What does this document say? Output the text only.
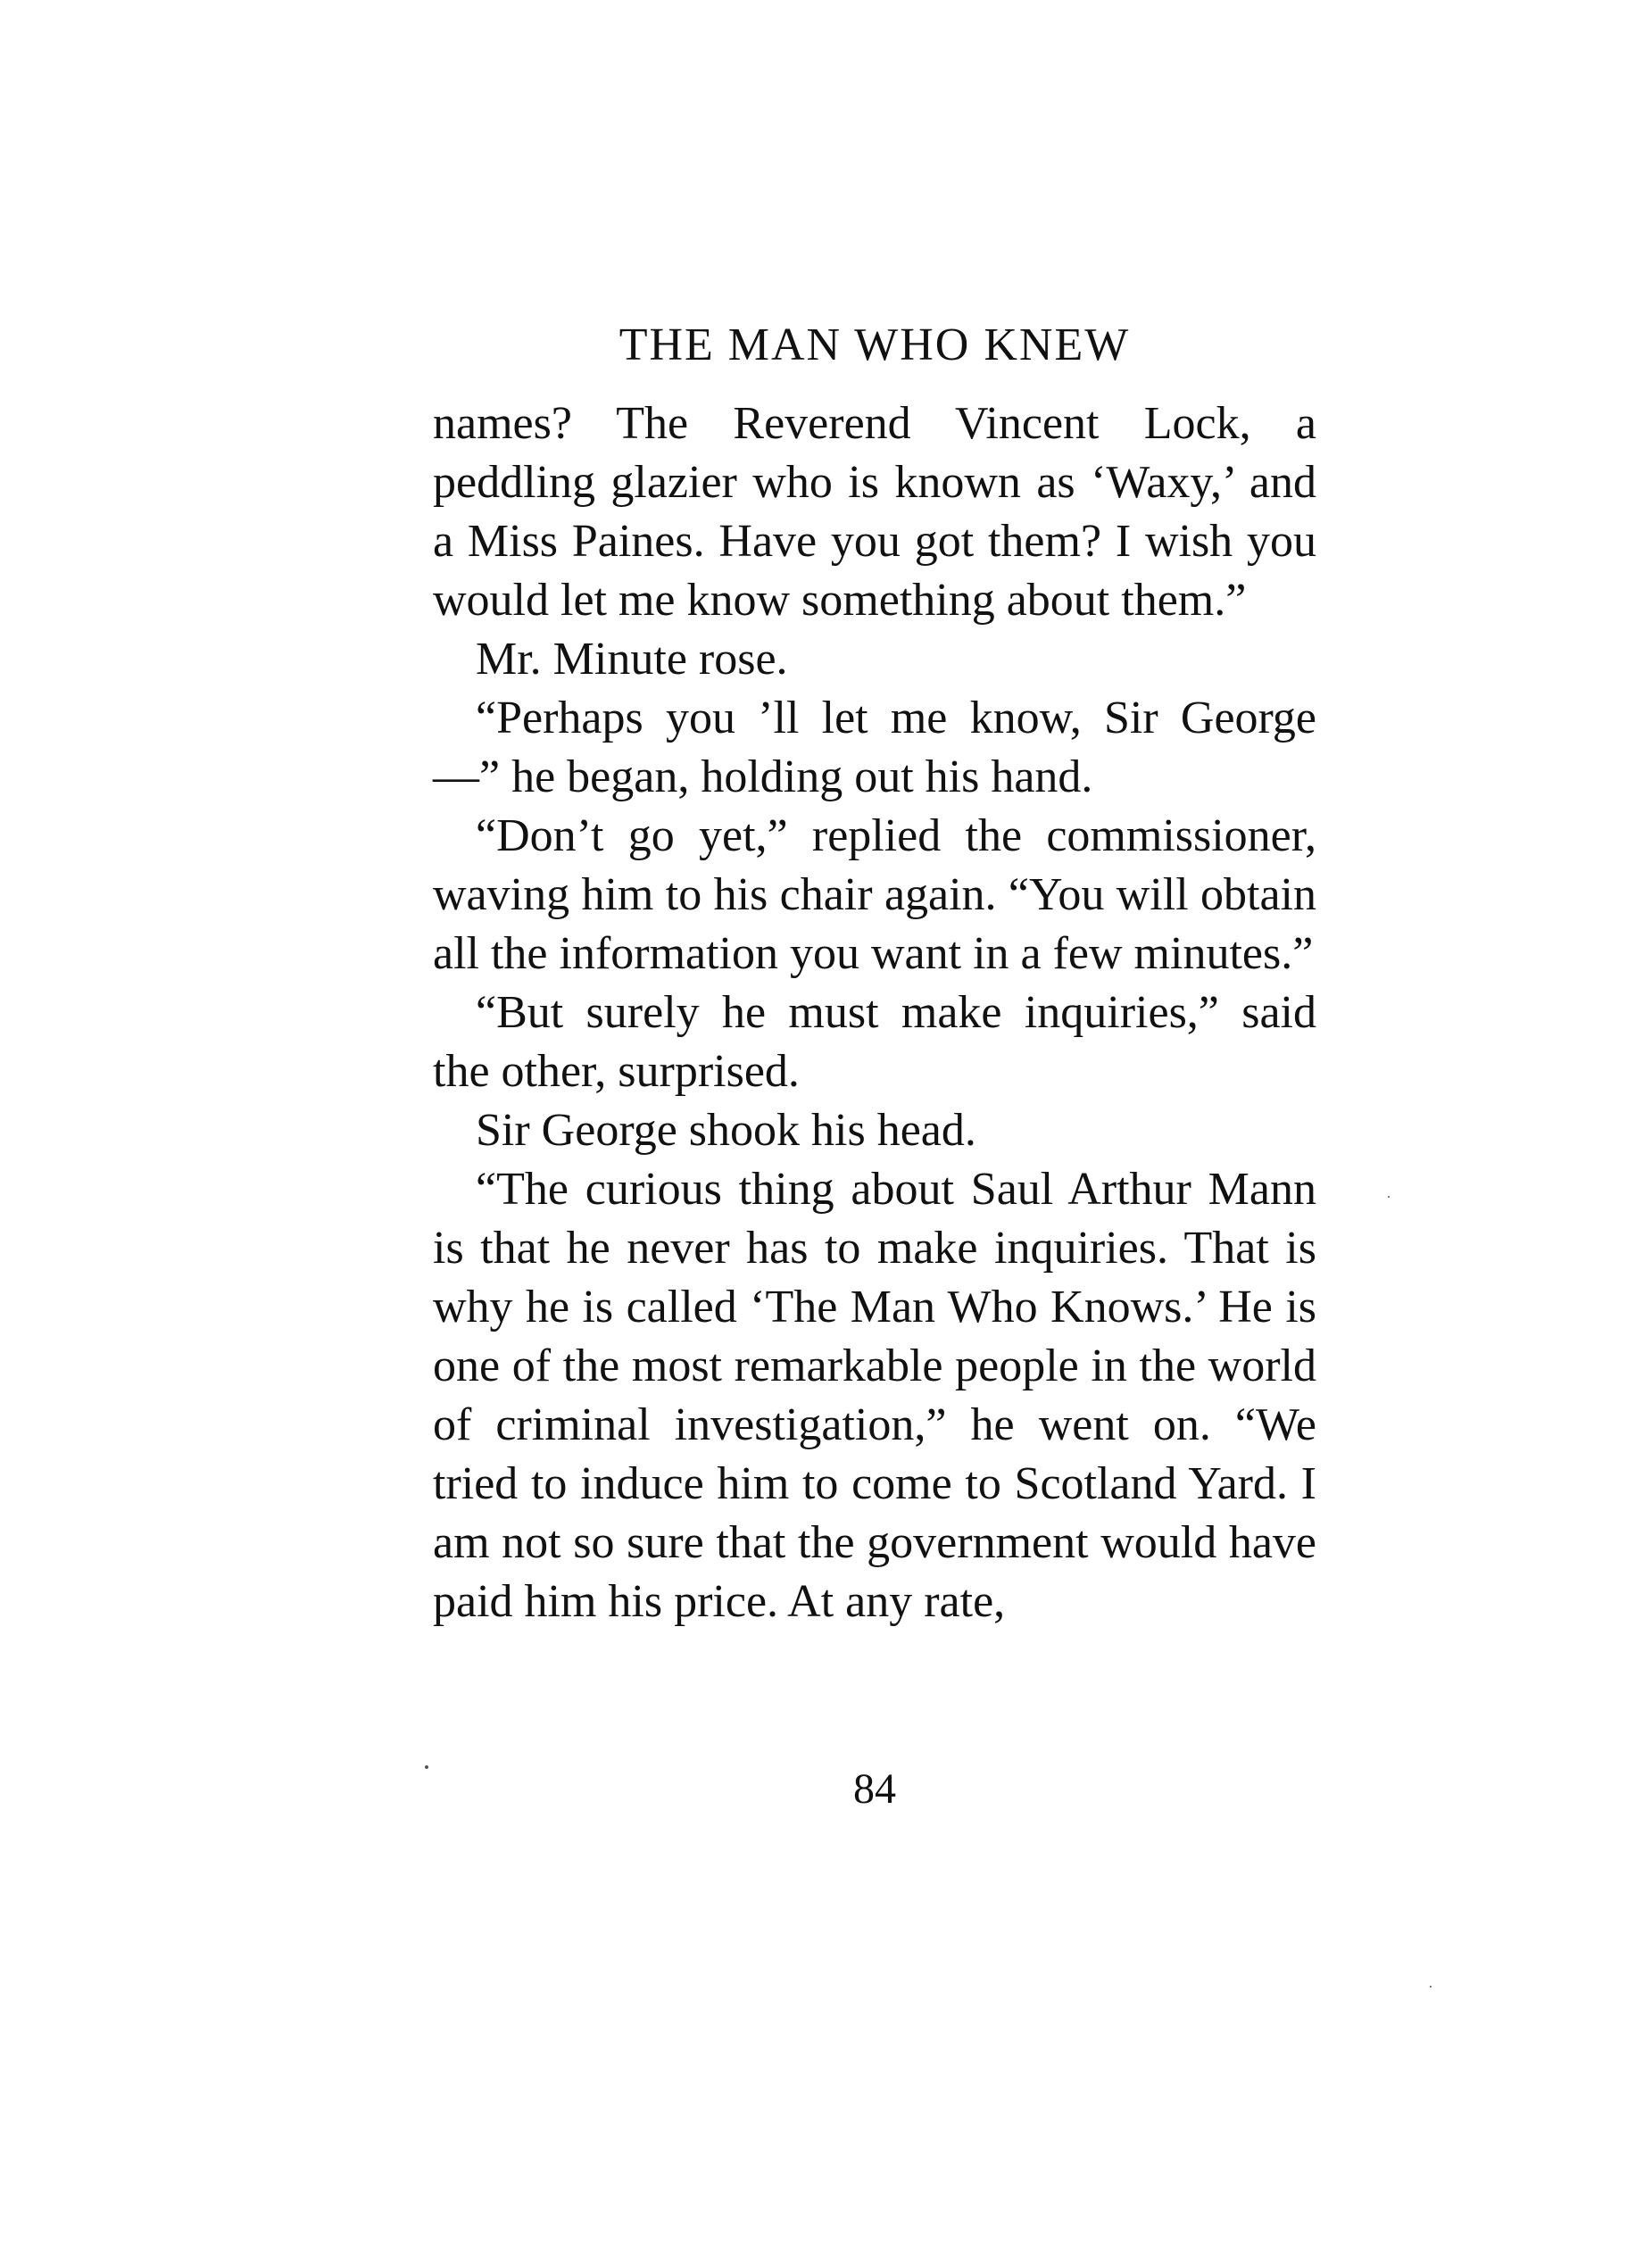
THE MAN WHO KNEW

names? The Reverend Vincent Lock, a peddling glazier who is known as ‘Waxy,’ and a Miss Paines. Have you got them? I wish you would let me know something about them.”

Mr. Minute rose.

“Perhaps you ’ll let me know, Sir George —” he began, holding out his hand.

“Don’t go yet,” replied the commissioner, waving him to his chair again. “You will obtain all the information you want in a few minutes.”

“But surely he must make inquiries,” said the other, surprised.

Sir George shook his head.

“The curious thing about Saul Arthur Mann is that he never has to make inquiries. That is why he is called ‘The Man Who Knows.’ He is one of the most remarkable people in the world of criminal investigation,” he went on. “We tried to induce him to come to Scotland Yard. I am not so sure that the government would have paid him his price. At any rate,

84
